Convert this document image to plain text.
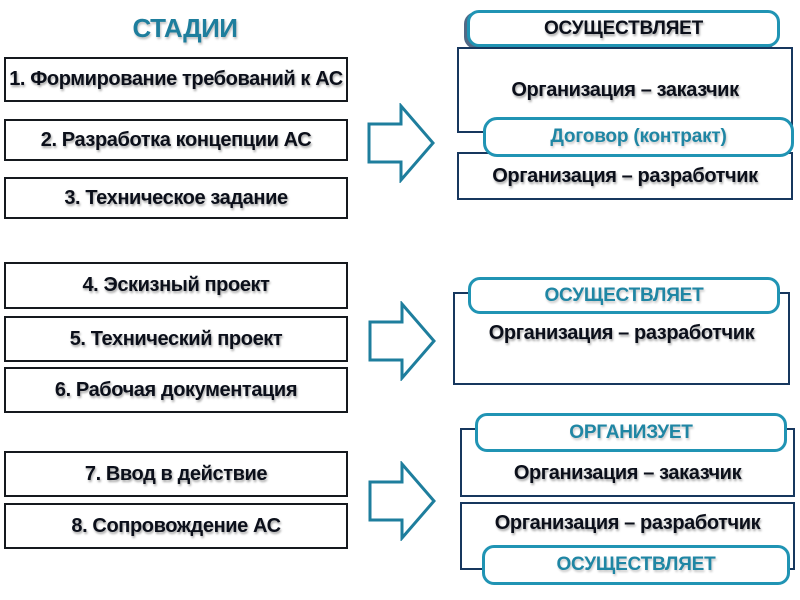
СТАДИИ
1. Формирование требований к АС
2. Разработка концепции АС
3. Техническое задание
4. Эскизный проект
5. Технический проект
6. Рабочая документация
7. Ввод в действие
8. Сопровождение АС
Организация – заказчик
Организация – разработчик
ОСУЩЕСТВЛЯЕТ
Договор (контракт)
Организация – разработчик
ОСУЩЕСТВЛЯЕТ
Организация – заказчик
Организация – разработчик
ОРГАНИЗУЕТ
ОСУЩЕСТВЛЯЕТ
